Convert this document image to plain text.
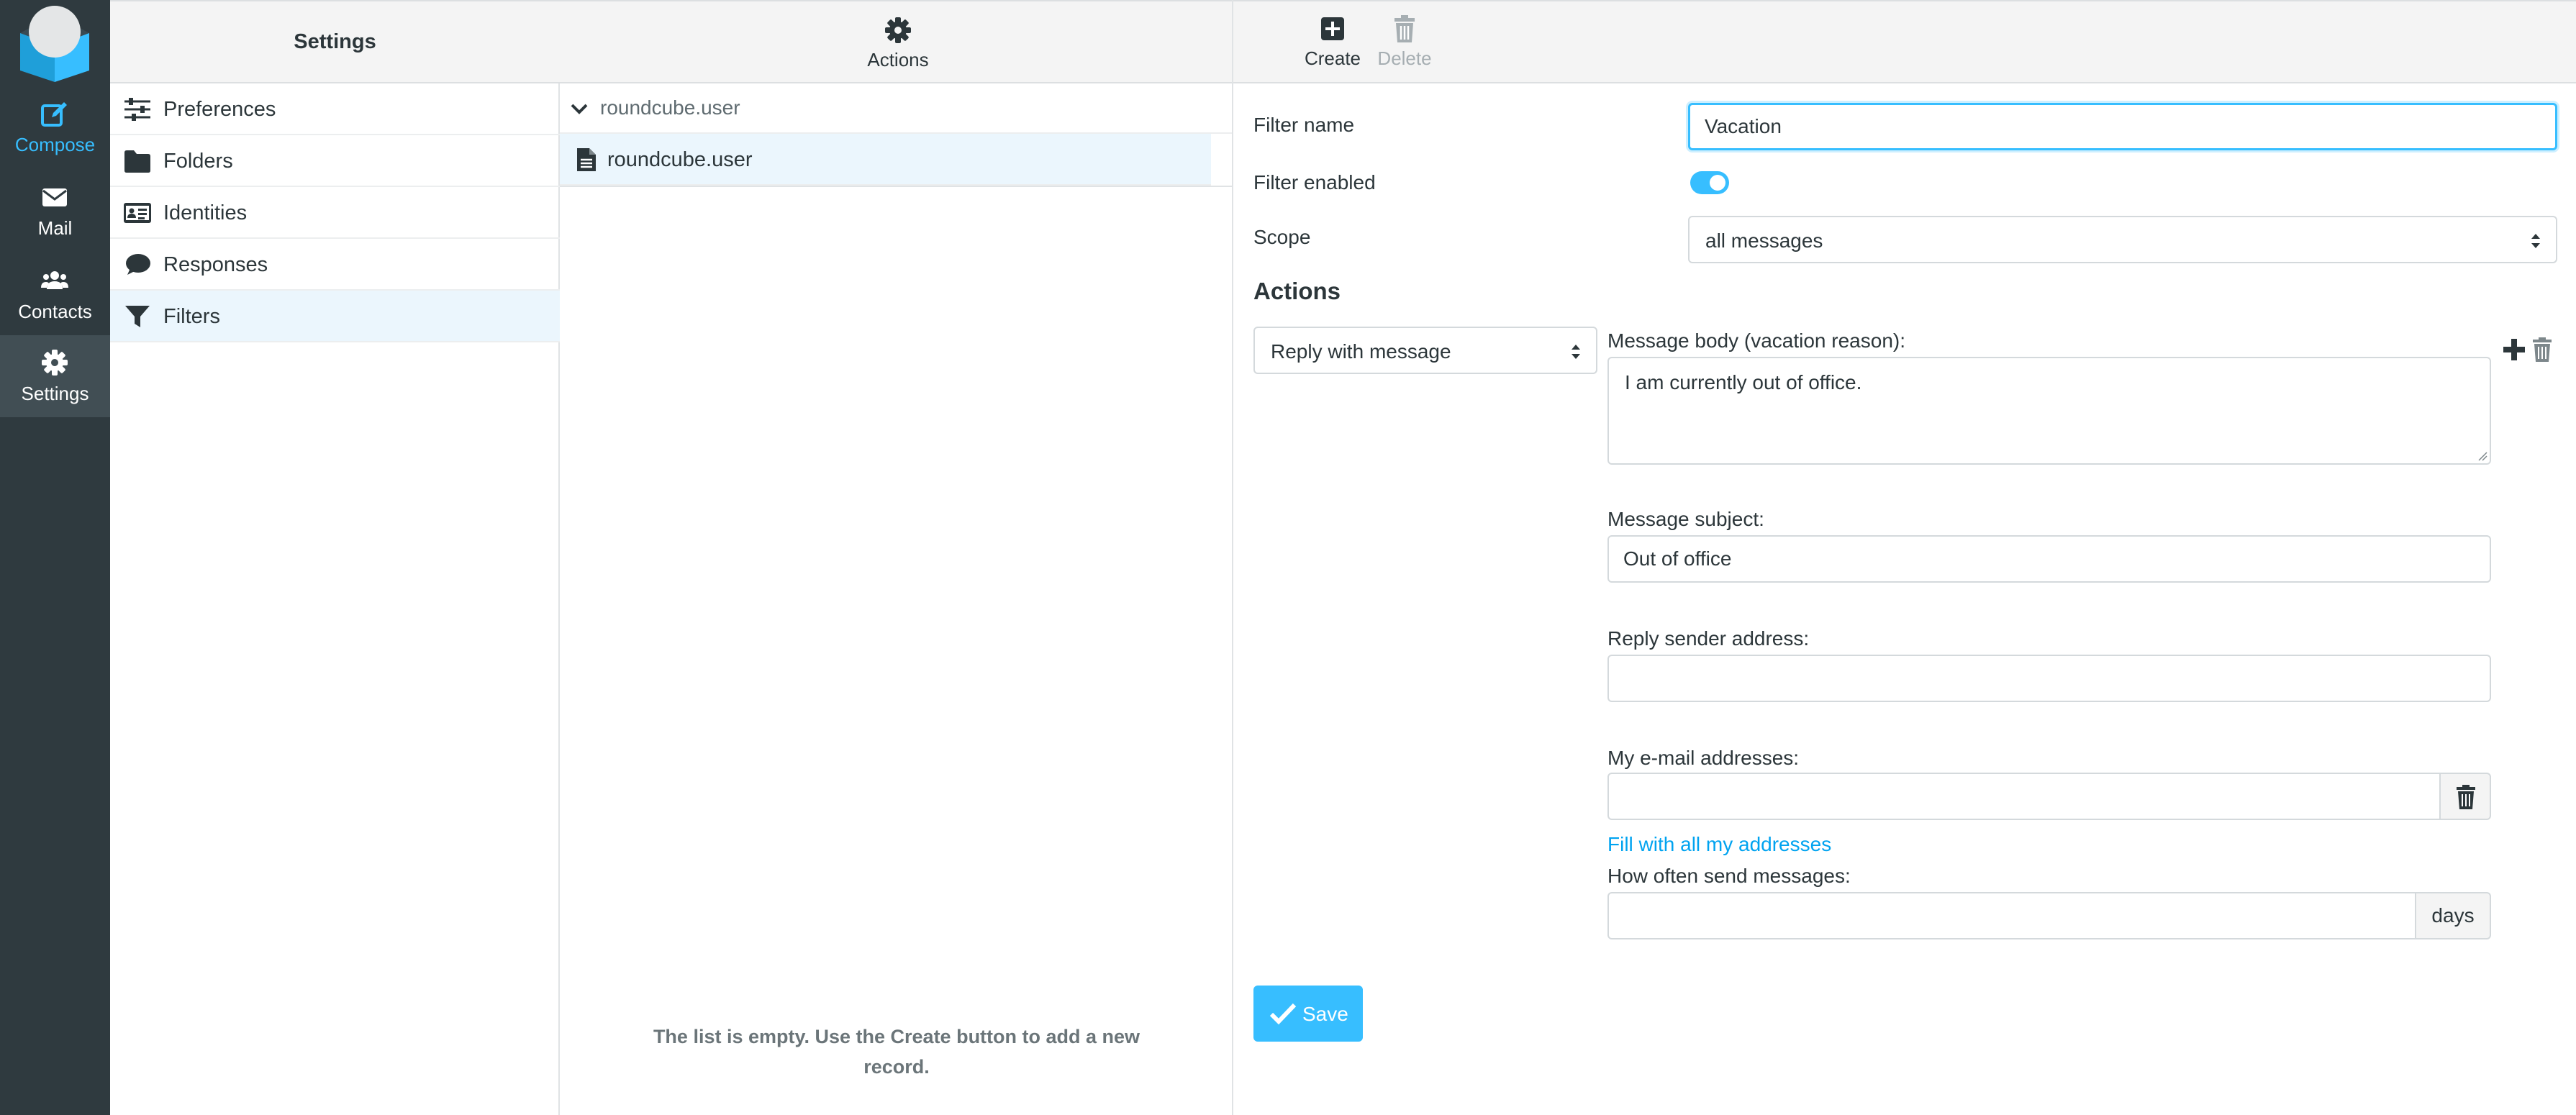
Compose
Mail
Contacts
Settings
Settings
Preferences
Folders
Identities
Responses
Filters
Actions
roundcube.user
roundcube.user
The list is empty. Use the Create button to add a new record.
Create Delete
Filter name
Vacation
Filter enabled
Scope	all messages
Actions
Reply with message	Message body (vacation reason):
I am currently out of office.
Message subject:
Out of office
Reply sender address:
My e-mail addresses:
Fill with all my addresses
How often send messages:
days
Save
